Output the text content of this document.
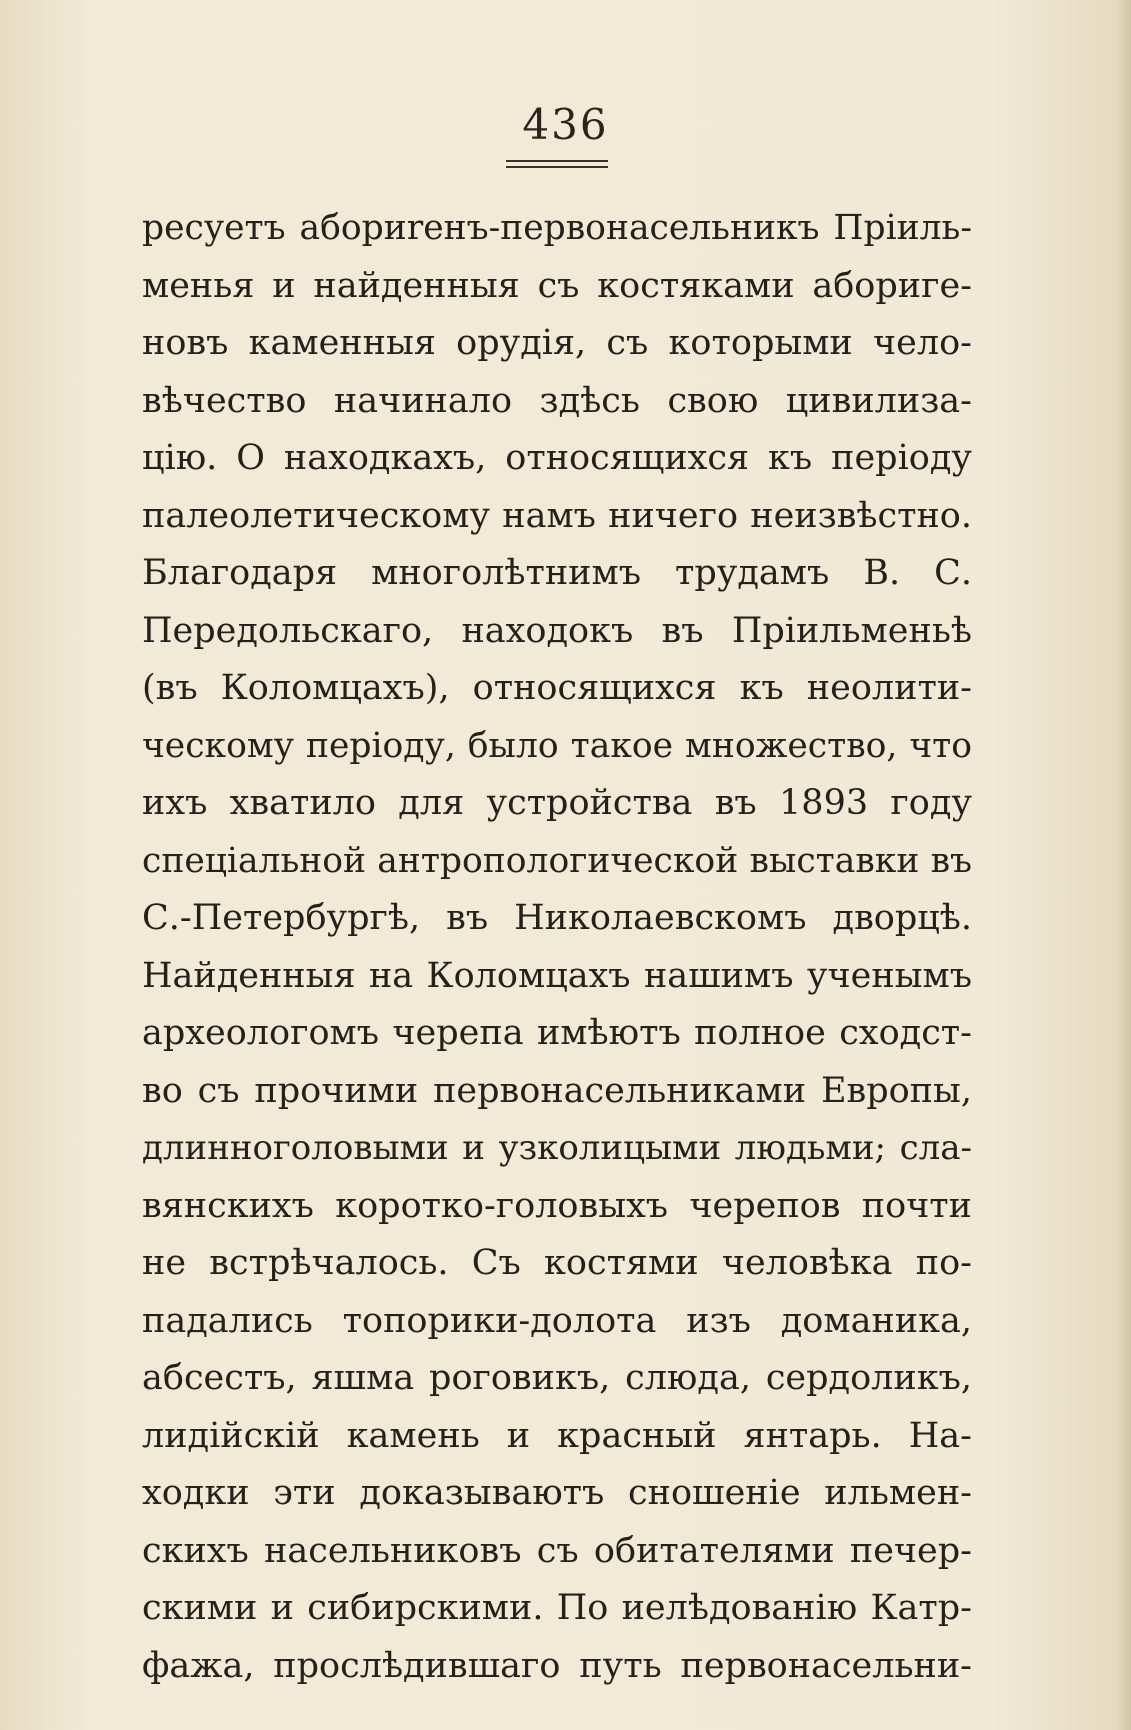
436
ресуетъ абориrенъ-первонасельникъ Пріиль-
менья и найденныя съ костяками абориге-
новъ каменныя орудія, съ которыми чело-
вѣчество начинало здѣсь свою цивилиза-
цію. О находкахъ, относящихся къ періоду
палеолетическому намъ ничего неизвѣстно.
Благодаря многолѣтнимъ трудамъ В. С.
Передольскаго, находокъ въ Пріильменьѣ
(въ Коломцахъ), относящихся къ неолити-
ческому періоду, было такое множество, что
ихъ хватило для устройства въ 1893 году
спеціальной антропологической выставки въ
С.-Петербургѣ, въ Николаевскомъ дворцѣ.
Найденныя на Коломцахъ нашимъ ученымъ
археологомъ черепа имѣютъ полное сходст-
во съ прочими первонасельниками Европы,
длинноголовыми и узколицыми людьми; сла-
вянскихъ коротко-головыхъ черепов почти
не встрѣчалось. Съ костями человѣка по-
падались топорики-долота изъ доманика,
абсестъ, яшма роговикъ, слюда, сердоликъ,
лидійскій камень и красный янтарь. На-
ходки эти доказываютъ сношеніе ильмен-
скихъ насельниковъ съ обитателями печер-
скими и сибирскими. По иелѣдованію Катр-
фажа, прослѣдившаго путь первонасельни-
